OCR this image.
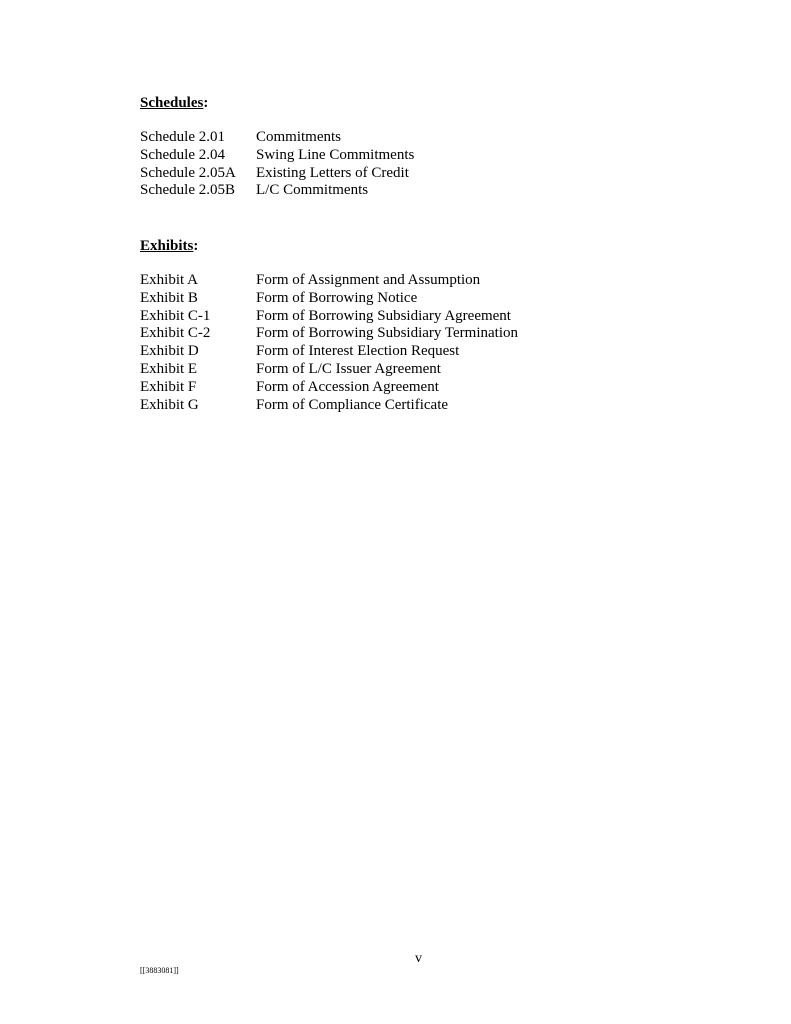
Schedules:
Schedule 2.01	Commitments
Schedule 2.04	Swing Line Commitments
Schedule 2.05A	Existing Letters of Credit
Schedule 2.05B	L/C Commitments
Exhibits:
Exhibit A	Form of Assignment and Assumption
Exhibit B	Form of Borrowing Notice
Exhibit C-1	Form of Borrowing Subsidiary Agreement
Exhibit C-2	Form of Borrowing Subsidiary Termination
Exhibit D	Form of Interest Election Request
Exhibit E	Form of L/C Issuer Agreement
Exhibit F	Form of Accession Agreement
Exhibit G	Form of Compliance Certificate
v
[[3883081]]
